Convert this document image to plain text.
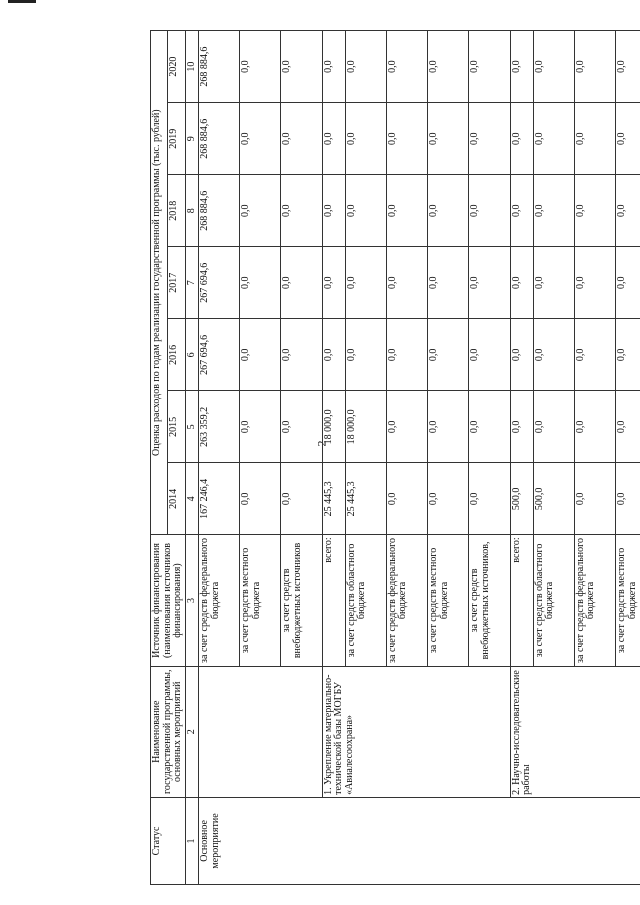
2
Статус	Наименование государственной программы, основных мероприятий	Источник финансирования (наименования источников финансирования)	Оценка расходов по годам реализации государственной программы (тыс. рублей)						
			2014	2015	2016	2017	2018	2019	2020
1	2	3	4	5	6	7	8	9	10
Основное мероприятие		за счет средств федерального бюджета	167 246,4	263 359,2	267 694,6	267 694,6	268 884,6	268 884,6	268 884,6
		за счет средств местного бюджета	0,0	0,0	0,0	0,0	0,0	0,0	0,0
		за счет средств внебюджетных источников	0,0	0,0	0,0	0,0	0,0	0,0	0,0
	1. Укрепление материально-технической базы МОГБУ «Авиалесоохрана»	всего:	25 445,3	18 000,0	0,0	0,0	0,0	0,0	0,0
		за счет средств областного бюджета	25 445,3	18 000,0	0,0	0,0	0,0	0,0	0,0
		за счет средств федерального бюджета	0,0	0,0	0,0	0,0	0,0	0,0	0,0
		за счет средств местного бюджета	0,0	0,0	0,0	0,0	0,0	0,0	0,0
		за счет средств внебюджетных источников,	0,0	0,0	0,0	0,0	0,0	0,0	0,0
	2. Научно-исследовательские работы	всего:	500,0	0,0	0,0	0,0	0,0	0,0	0,0
		за счет средств областного бюджета	500,0	0,0	0,0	0,0	0,0	0,0	0,0
		за счет средств федерального бюджета	0,0	0,0	0,0	0,0	0,0	0,0	0,0
		за счет средств местного бюджета	0,0	0,0	0,0	0,0	0,0	0,0	0,0
